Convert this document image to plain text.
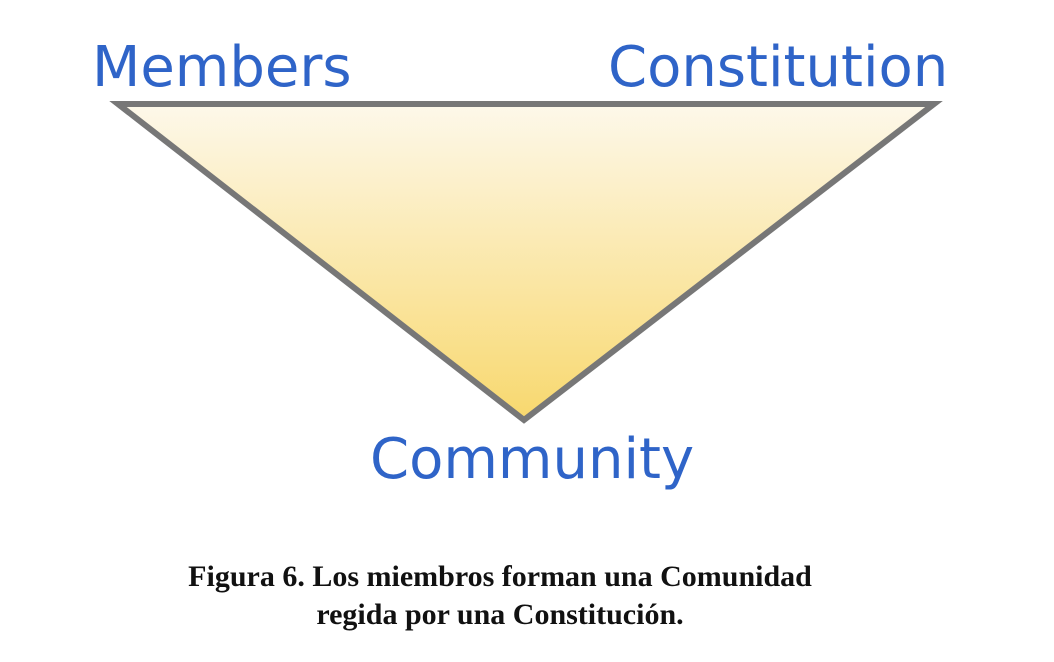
Members	Constitution
Community
Figura 6. Los miembros forman una Comunidad
regida por una Constitución.
